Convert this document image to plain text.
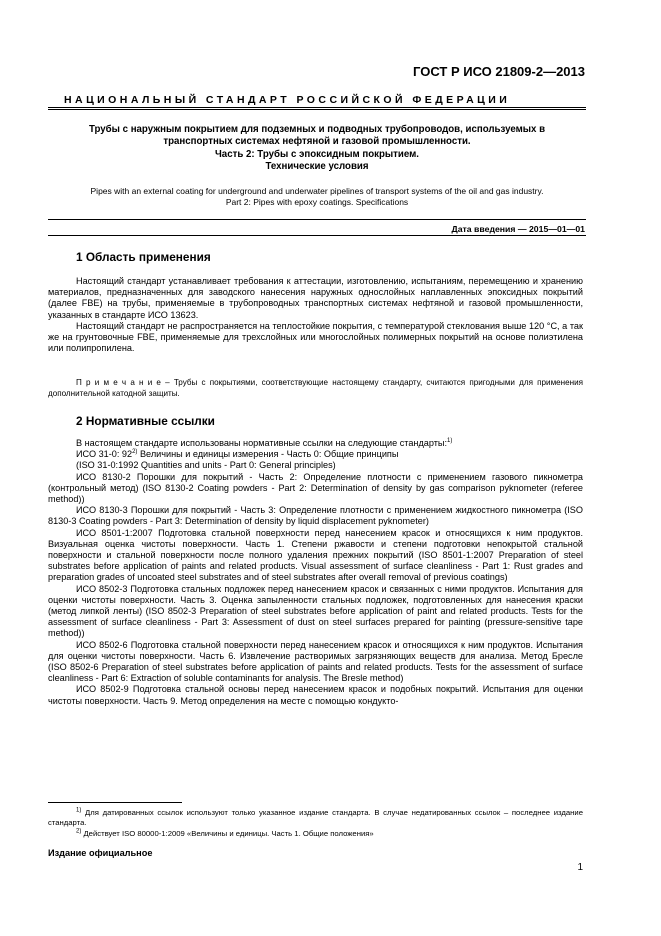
ГОСТ Р ИСО 21809-2—2013
НАЦИОНАЛЬНЫЙ СТАНДАРТ РОССИЙСКОЙ ФЕДЕРАЦИИ
Трубы с наружным покрытием для подземных и подводных трубопроводов, используемых в
транспортных системах нефтяной и газовой промышленности.
Часть 2: Трубы с эпоксидным покрытием.
Технические условия
Pipes with an external coating for underground and underwater pipelines of transport systems of the oil and gas industry.
Part 2: Pipes with epoxy coatings. Specifications
Дата введения — 2015—01—01
1 Область применения

Настоящий стандарт устанавливает требования к аттестации, изготовлению, испытаниям, перемещению и хранению материалов, предназначенных для заводского нанесения наружных однослойных наплавленных эпоксидных покрытий (далее FBE) на трубы, применяемые в трубопроводных транспортных системах нефтяной и газовой промышленности, указанных в стандарте ИСО 13623.

Настоящий стандарт не распространяется на теплостойкие покрытия, с температурой стеклования выше 120 °С, а так же на грунтовочные FBE, применяемые для трехслойных или многослойных полимерных покрытий на основе полиэтилена или полипропилена.

П р и м е ч а н и е – Трубы с покрытиями, соответствующие настоящему стандарту, считаются пригодными для применения дополнительной катодной защиты.
2 Нормативные ссылки

В настоящем стандарте использованы нормативные ссылки на следующие стандарты:$^{1)}$

ИСО 31-0: 92$^{2)}$ Величины и единицы измерения - Часть 0: Общие принципы

(ISO 31-0:1992 Quantities and units - Part 0: General principles)

ИСО 8130-2 Порошки для покрытий - Часть 2: Определение плотности с применением газового пикнометра (контрольный метод) (ISO 8130-2 Coating powders - Part 2: Determination of density by gas comparison pyknometer (referee method))

ИСО 8130-3 Порошки для покрытий - Часть 3: Определение плотности с применением жидкостного пикнометра (ISO 8130-3 Coating powders - Part 3: Determination of density by liquid displacement pyknometer)

ИСО 8501-1:2007 Подготовка стальной поверхности перед нанесением красок и относящихся к ним продуктов. Визуальная оценка чистоты поверхности. Часть 1. Степени ржавости и степени подготовки непокрытой стальной поверхности и стальной поверхности после полного удаления прежних покрытий (ISO 8501-1:2007 Preparation of steel substrates before application of paints and related products. Visual assessment of surface cleanliness - Part 1: Rust grades and preparation grades of uncoated steel substrates and of steel substrates after overall removal of previous coatings)

ИСО 8502-3 Подготовка стальных подложек перед нанесением красок и связанных с ними продуктов. Испытания для оценки чистоты поверхности. Часть 3. Оценка запыленности стальных подложек, подготовленных для нанесения краски (метод липкой ленты) (ISO 8502-3 Preparation of steel substrates before application of paint and related products. Tests for the assessment of surface cleanliness - Part 3: Assessment of dust on steel surfaces prepared for painting (pressure-sensitive tape method))

ИСО 8502-6 Подготовка стальной поверхности перед нанесением красок и относящихся к ним продуктов. Испытания для оценки чистоты поверхности. Часть 6. Извлечение растворимых загрязняющих веществ для анализа. Метод Бресле (ISO 8502-6 Preparation of steel substrates before application of paints and related products. Tests for the assessment of surface cleanliness - Part 6: Extraction of soluble contaminants for analysis. The Bresle method)

ИСО 8502-9 Подготовка стальной основы перед нанесением красок и подобных покрытий. Испытания для оценки чистоты поверхности. Часть 9. Метод определения на месте с помощью кондукто-

$^{1)}$ Для датированных ссылок используют только указанное издание стандарта. В случае недатированных ссылок – последнее издание стандарта.
$^{2)}$ Действует ISO 80000-1:2009 «Величины и единицы. Часть 1. Общие положения»
Издание официальное
1
